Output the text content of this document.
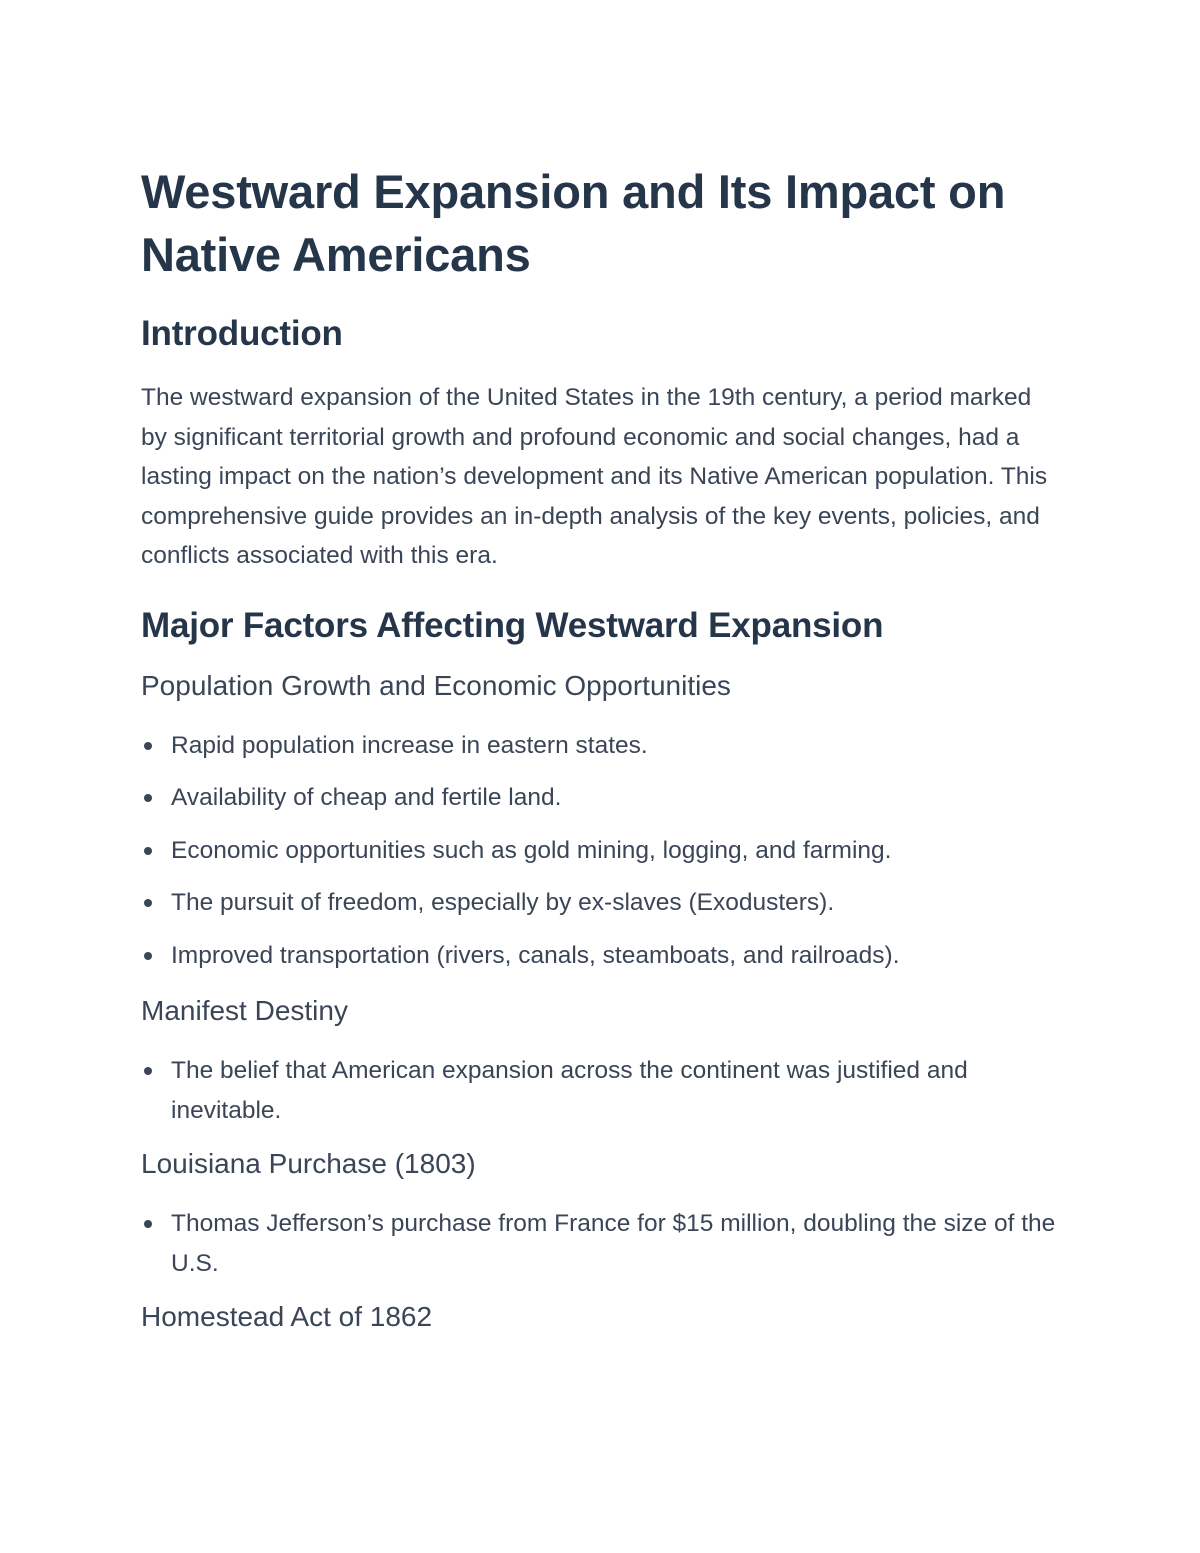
Westward Expansion and Its Impact on Native Americans
Introduction

The westward expansion of the United States in the 19th century, a period marked by significant territorial growth and profound economic and social changes, had a lasting impact on the nation’s development and its Native American population. This comprehensive guide provides an in-depth analysis of the key events, policies, and conflicts associated with this era.

Major Factors Affecting Westward Expansion
Population Growth and Economic Opportunities
Rapid population increase in eastern states.
Availability of cheap and fertile land.
Economic opportunities such as gold mining, logging, and farming.
The pursuit of freedom, especially by ex-slaves (Exodusters).
Improved transportation (rivers, canals, steamboats, and railroads).
Manifest Destiny
The belief that American expansion across the continent was justified and inevitable.
Louisiana Purchase (1803)
Thomas Jefferson’s purchase from France for $15 million, doubling the size of the U.S.
Homestead Act of 1862
